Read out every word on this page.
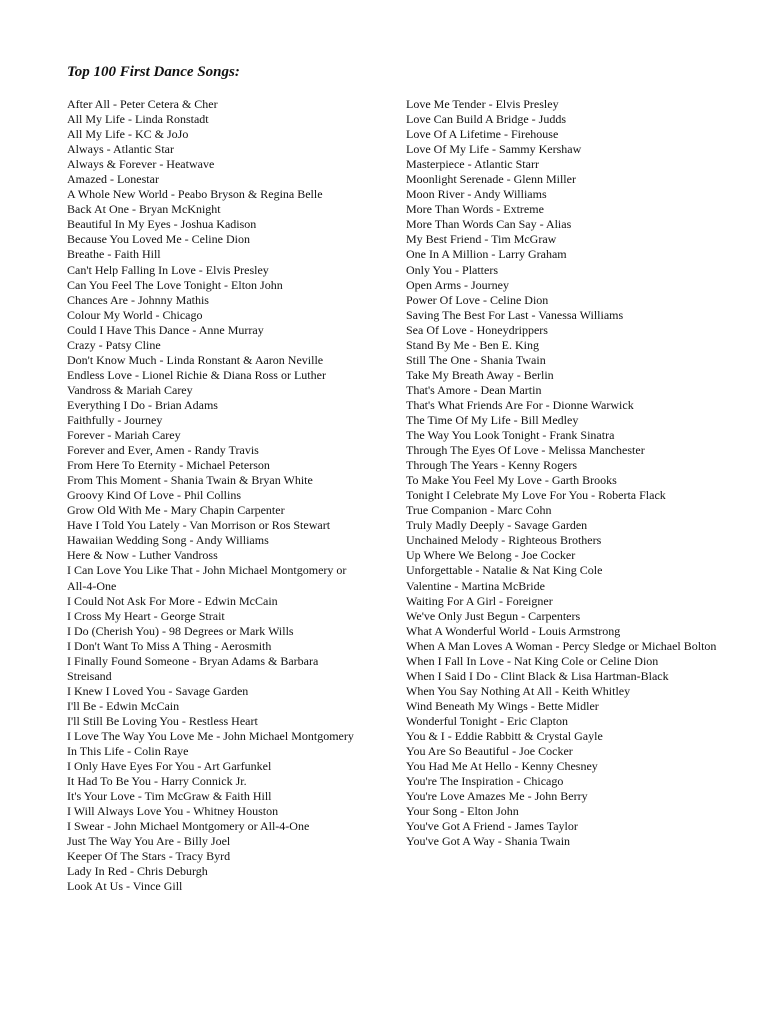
Top 100 First Dance Songs:
After All - Peter Cetera & Cher
All My Life - Linda Ronstadt
All My Life - KC & JoJo
Always - Atlantic Star
Always & Forever - Heatwave
Amazed - Lonestar
A Whole New World - Peabo Bryson & Regina Belle
Back At One - Bryan McKnight
Beautiful In My Eyes - Joshua Kadison
Because You Loved Me - Celine Dion
Breathe - Faith Hill
Can't Help Falling In Love - Elvis Presley
Can You Feel The Love Tonight - Elton John
Chances Are - Johnny Mathis
Colour My World - Chicago
Could I Have This Dance - Anne Murray
Crazy - Patsy Cline
Don't Know Much - Linda Ronstant & Aaron Neville
Endless Love - Lionel Richie & Diana Ross or Luther Vandross & Mariah Carey
Everything I Do - Brian Adams
Faithfully - Journey
Forever - Mariah Carey
Forever and Ever, Amen - Randy Travis
From Here To Eternity - Michael Peterson
From This Moment - Shania Twain & Bryan White
Groovy Kind Of Love - Phil Collins
Grow Old With Me - Mary Chapin Carpenter
Have I Told You Lately - Van Morrison or Ros Stewart
Hawaiian Wedding Song - Andy Williams
Here & Now - Luther Vandross
I Can Love You Like That - John Michael Montgomery or All-4-One
I Could Not Ask For More - Edwin McCain
I Cross My Heart - George Strait
I Do (Cherish You) - 98 Degrees or Mark Wills
I Don't Want To Miss A Thing - Aerosmith
I Finally Found Someone - Bryan Adams & Barbara Streisand
I Knew I Loved You - Savage Garden
I'll Be - Edwin McCain
I'll Still Be Loving You - Restless Heart
I Love The Way You Love Me - John Michael Montgomery
In This Life - Colin Raye
I Only Have Eyes For You - Art Garfunkel
It Had To Be You - Harry Connick Jr.
It's Your Love - Tim McGraw & Faith Hill
I Will Always Love You - Whitney Houston
I Swear - John Michael Montgomery or All-4-One
Just The Way You Are - Billy Joel
Keeper Of The Stars - Tracy Byrd
Lady In Red - Chris Deburgh
Look At Us - Vince Gill
Love Me Tender - Elvis Presley
Love Can Build A Bridge - Judds
Love Of A Lifetime - Firehouse
Love Of My Life - Sammy Kershaw
Masterpiece - Atlantic Starr
Moonlight Serenade - Glenn Miller
Moon River - Andy Williams
More Than Words - Extreme
More Than Words Can Say - Alias
My Best Friend - Tim McGraw
One In A Million - Larry Graham
Only You - Platters
Open Arms - Journey
Power Of Love - Celine Dion
Saving The Best For Last - Vanessa Williams
Sea Of Love - Honeydrippers
Stand By Me - Ben E. King
Still The One - Shania Twain
Take My Breath Away - Berlin
That's Amore - Dean Martin
That's What Friends Are For - Dionne Warwick
The Time Of My Life - Bill Medley
The Way You Look Tonight - Frank Sinatra
Through The Eyes Of Love - Melissa Manchester
Through The Years - Kenny Rogers
To Make You Feel My Love - Garth Brooks
Tonight I Celebrate My Love For You - Roberta Flack
True Companion - Marc Cohn
Truly Madly Deeply - Savage Garden
Unchained Melody - Righteous Brothers
Up Where We Belong - Joe Cocker
Unforgettable - Natalie & Nat King Cole
Valentine - Martina McBride
Waiting For A Girl - Foreigner
We've Only Just Begun - Carpenters
What A Wonderful World - Louis Armstrong
When A Man Loves A Woman - Percy Sledge or Michael Bolton
When I Fall In Love - Nat King Cole or Celine Dion
When I Said I Do - Clint Black & Lisa Hartman-Black
When You Say Nothing At All - Keith Whitley
Wind Beneath My Wings - Bette Midler
Wonderful Tonight - Eric Clapton
You & I - Eddie Rabbitt & Crystal Gayle
You Are So Beautiful - Joe Cocker
You Had Me At Hello - Kenny Chesney
You're The Inspiration - Chicago
You're Love Amazes Me - John Berry
Your Song - Elton John
You've Got A Friend - James Taylor
You've Got A Way - Shania Twain
